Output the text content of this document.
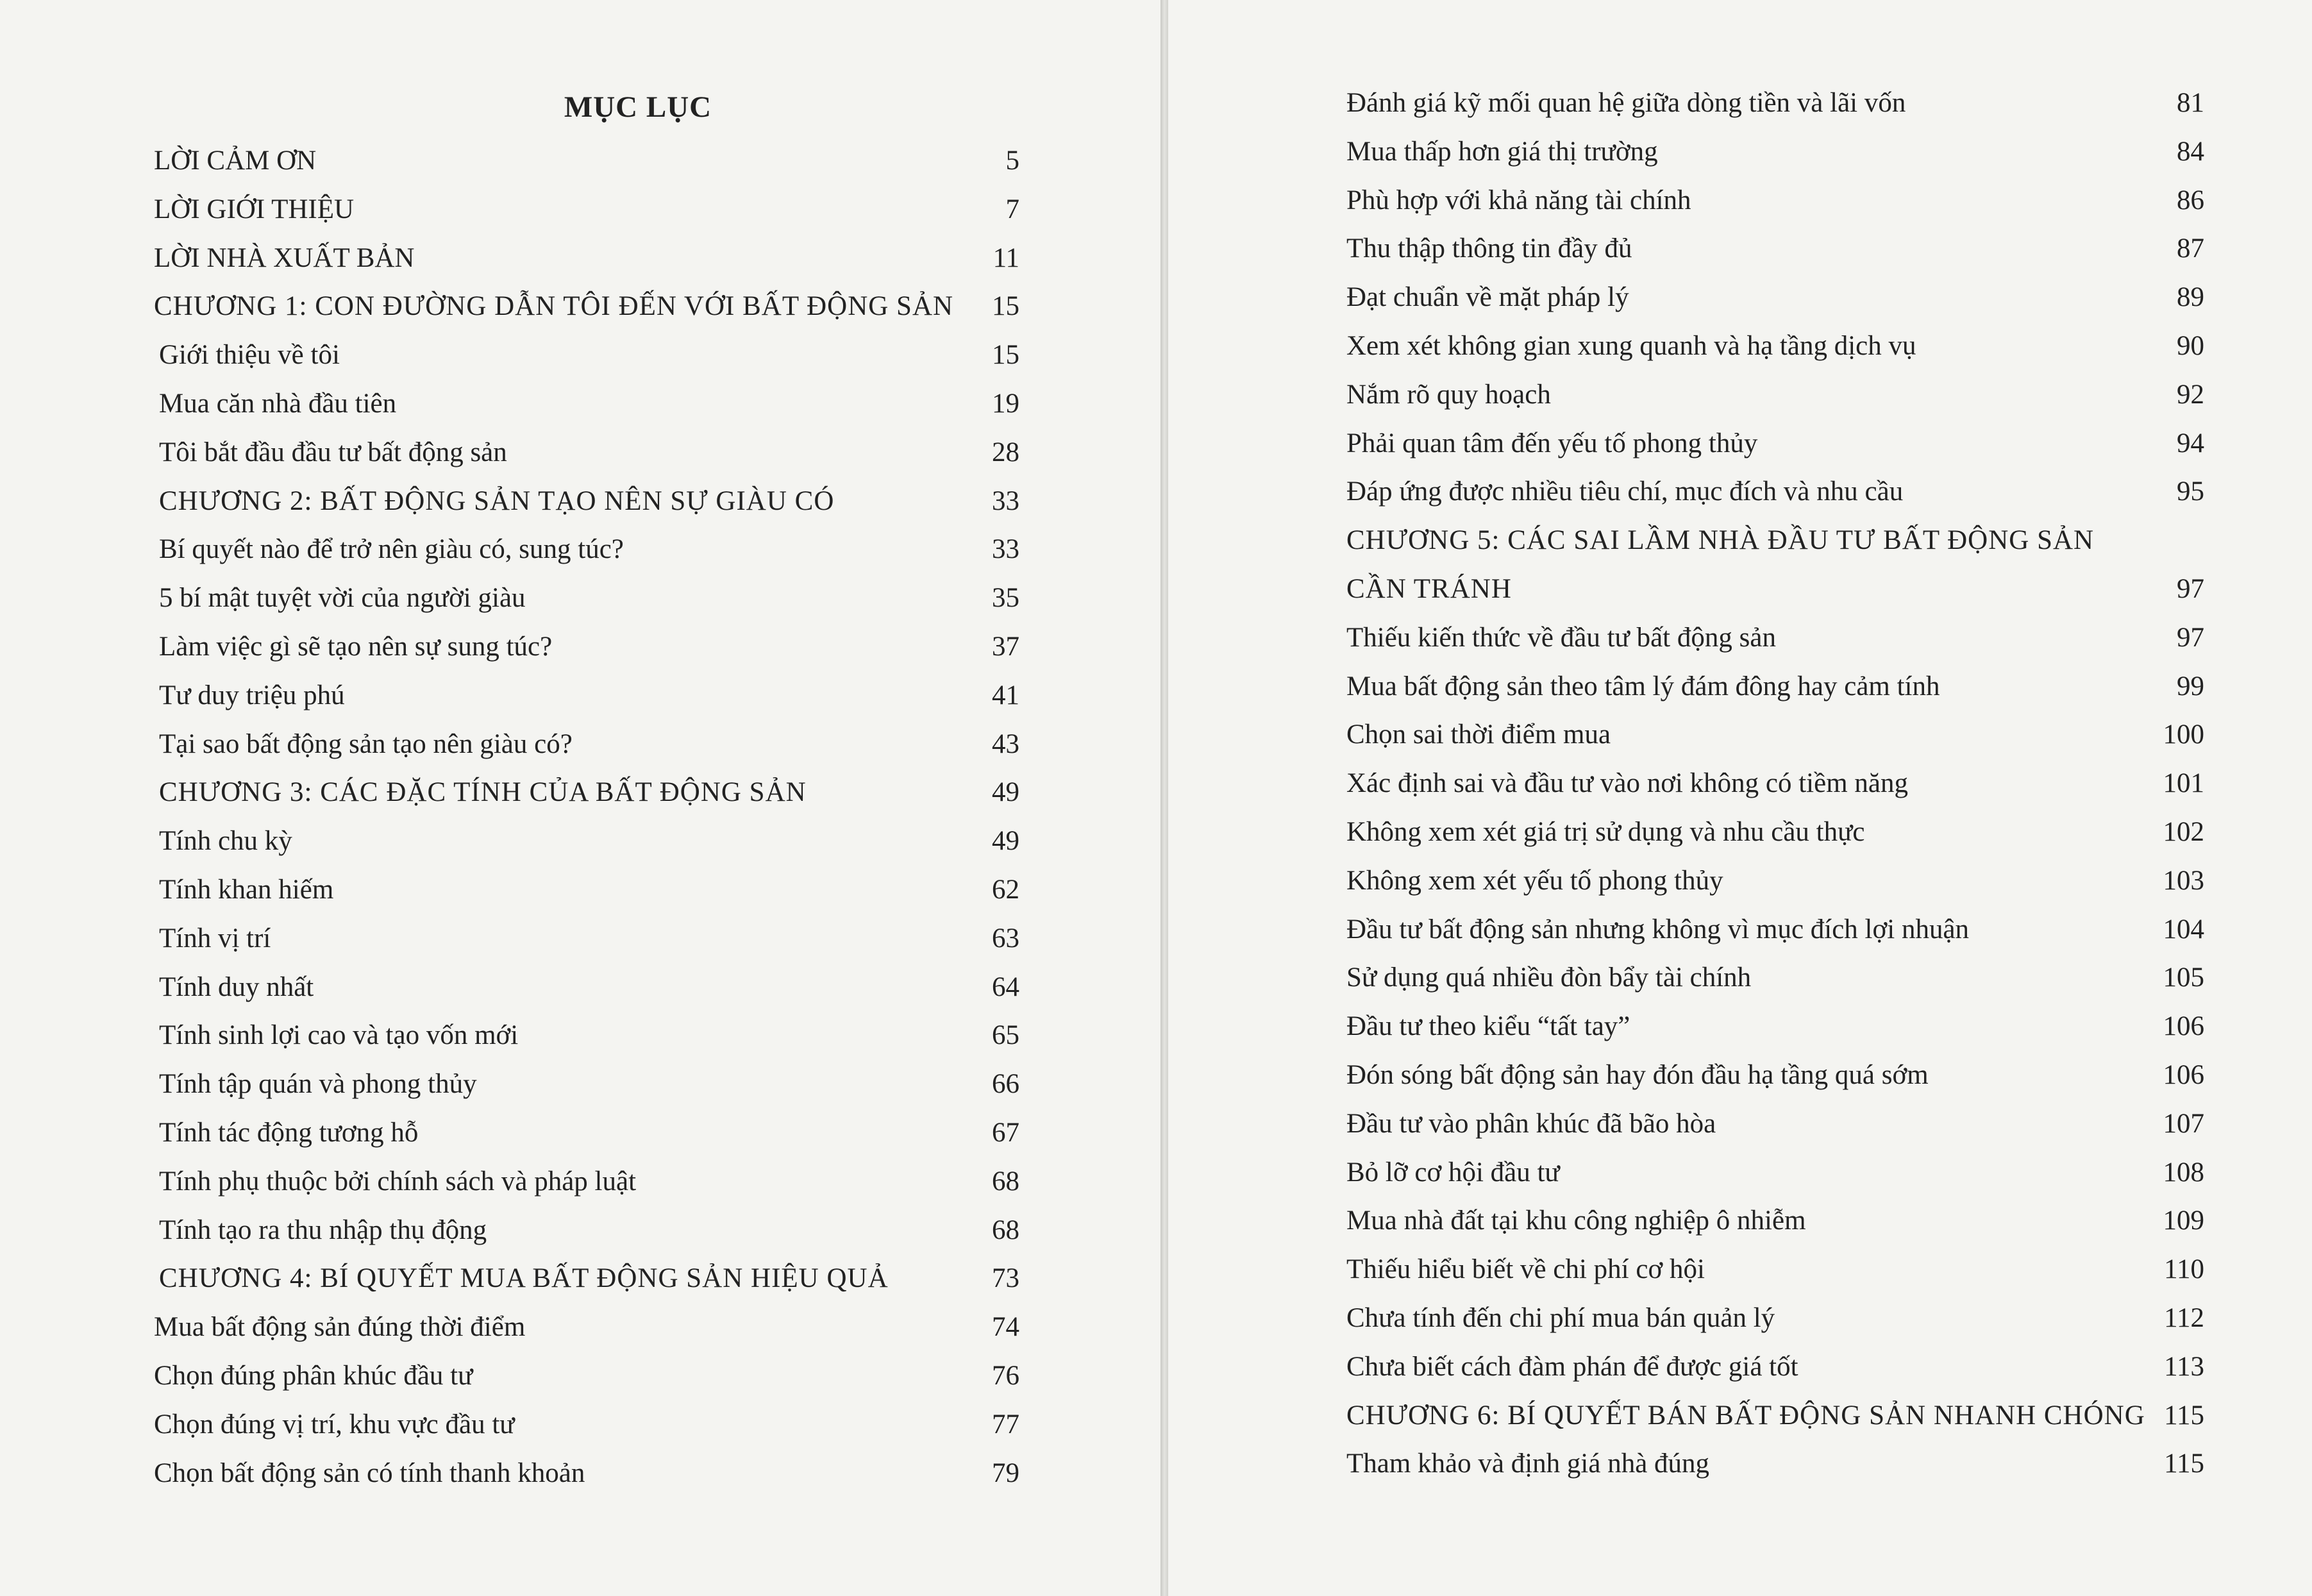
MỤC LỤC
LỜI CẢM ƠN	5
LỜI GIỚI THIỆU	7
LỜI NHÀ XUẤT BẢN	11
CHƯƠNG 1: CON ĐƯỜNG DẪN TÔI ĐẾN VỚI BẤT ĐỘNG SẢN 15
Giới thiệu về tôi	15
Mua căn nhà đầu tiên	19
Tôi bắt đầu đầu tư bất động sản	28
CHƯƠNG 2: BẤT ĐỘNG SẢN TẠO NÊN SỰ GIÀU CÓ	33
Bí quyết nào để trở nên giàu có, sung túc?	33
5 bí mật tuyệt vời của người giàu	35
Làm việc gì sẽ tạo nên sự sung túc?	37
Tư duy triệu phú	41
Tại sao bất động sản tạo nên giàu có?	43
CHƯƠNG 3: CÁC ĐẶC TÍNH CỦA BẤT ĐỘNG SẢN	49
Tính chu kỳ	49
Tính khan hiếm	62
Tính vị trí	63
Tính duy nhất	64
Tính sinh lợi cao và tạo vốn mới	65
Tính tập quán và phong thủy	66
Tính tác động tương hỗ	67
Tính phụ thuộc bởi chính sách và pháp luật	68
Tính tạo ra thu nhập thụ động	68
CHƯƠNG 4: BÍ QUYẾT MUA BẤT ĐỘNG SẢN HIỆU QUẢ	73
Mua bất động sản đúng thời điểm	74
Chọn đúng phân khúc đầu tư	76
Chọn đúng vị trí, khu vực đầu tư	77
Chọn bất động sản có tính thanh khoản	79
Đánh giá kỹ mối quan hệ giữa dòng tiền và lãi vốn	81
Mua thấp hơn giá thị trường	84
Phù hợp với khả năng tài chính	86
Thu thập thông tin đầy đủ	87
Đạt chuẩn về mặt pháp lý	89
Xem xét không gian xung quanh và hạ tầng dịch vụ	90
Nắm rõ quy hoạch	92
Phải quan tâm đến yếu tố phong thủy	94
Đáp ứng được nhiều tiêu chí, mục đích và nhu cầu	95
CHƯƠNG 5: CÁC SAI LẦM NHÀ ĐẦU TƯ BẤT ĐỘNG SẢN
CẦN TRÁNH	97
Thiếu kiến thức về đầu tư bất động sản	97
Mua bất động sản theo tâm lý đám đông hay cảm tính	99
Chọn sai thời điểm mua	100
Xác định sai và đầu tư vào nơi không có tiềm năng	101
Không xem xét giá trị sử dụng và nhu cầu thực	102
Không xem xét yếu tố phong thủy	103
Đầu tư bất động sản nhưng không vì mục đích lợi nhuận	104
Sử dụng quá nhiều đòn bẩy tài chính	105
Đầu tư theo kiểu “tất tay”	106
Đón sóng bất động sản hay đón đầu hạ tầng quá sớm	106
Đầu tư vào phân khúc đã bão hòa	107
Bỏ lỡ cơ hội đầu tư	108
Mua nhà đất tại khu công nghiệp ô nhiễm	109
Thiếu hiểu biết về chi phí cơ hội	110
Chưa tính đến chi phí mua bán quản lý	112
Chưa biết cách đàm phán để được giá tốt	113
CHƯƠNG 6: BÍ QUYẾT BÁN BẤT ĐỘNG SẢN NHANH CHÓNG 115
Tham khảo và định giá nhà đúng	115
